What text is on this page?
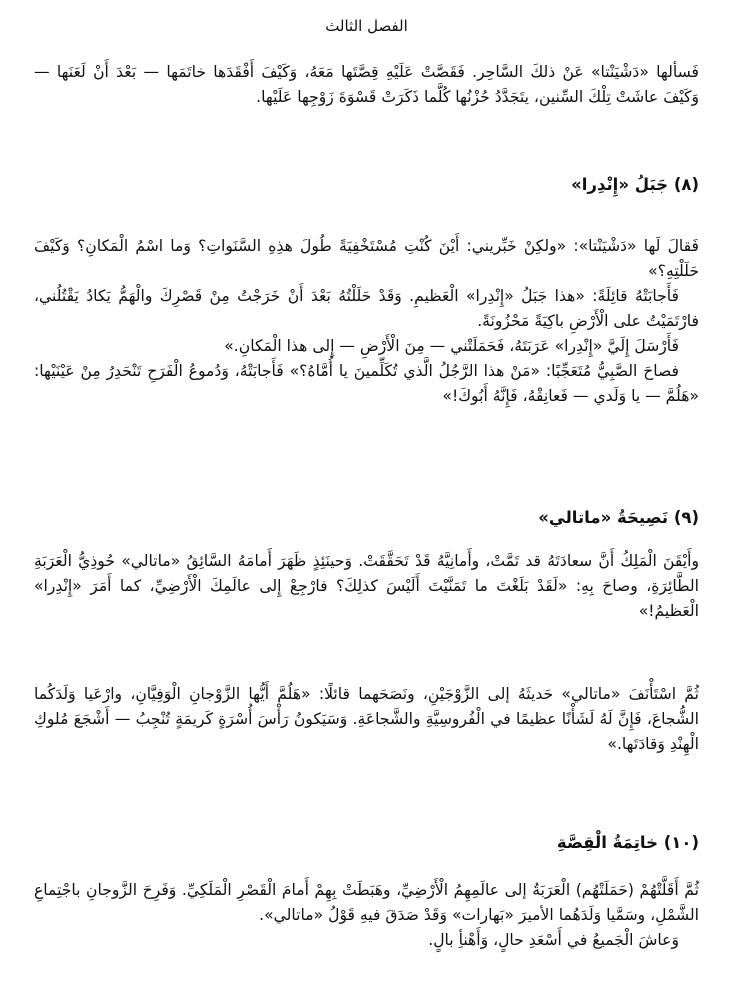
الفصل الثالث

فَسألها «دَشْيَنْتا» عَنْ ذلكَ السَّاحِر. فَقَصَّتْ عَلَيْهِ قِصَّتَها مَعَهُ، وَكَيْفَ أَفْقَدَها خاتَمَها — بَعْدَ أَنْ لَعَنَها — وَكَيْفَ عاشَتْ تِلْكَ السِّنين، يتَجَدَّدُ حُزْنُها كُلَّما ذَكَرَتْ قَسْوَةَ زَوْجِها عَلَيْها.

(٨) جَبَلُ «إِنْدِرا»

فَقالَ لَها «دَشْيَنْتا»: «ولكِنْ خَبِّريني: أَيْنَ كُنْتِ مُسْتَخْفِيَةً طُولَ هذِهِ السَّنَواتِ؟ وَما اسْمُ الْمَكانِ؟ وَكَيْفَ حَلَلْتِهِ؟»

فَأَجابَتْهُ قائِلَةً: «هذا جَبَلُ «إِنْدِرا» الْعَظيمِ. وَقَدْ حَلَلْتُهُ بَعْدَ أَنْ خَرَجْتُ مِنْ قَصْرِكَ والْهَمُّ يَكادُ يَقْتُلُني، فارْتَمَيْتُ على الْأَرْضِ باكِيَةً مَحْزُونَةً.

فَأَرْسَلَ إِلَيَّ «إِنْدِرا» عَرَبَتَهُ، فَحَمَلَتْني — مِنَ الْأَرْضِ — إِلى هذا الْمَكانِ.»

فصاحَ الصَّبِيُّ مُتَعَجِّبًا: «مَنْ هذا الرَّجُلُ الَّذي تُكَلِّمينَ يا أُمَّاهُ؟» فَأَجابَتْهُ، وَدُموعُ الْفَرَحِ تَنْحَدِرُ مِنْ عَيْنَيْها: «هَلُمَّ — يا وَلَدي — فَعانِقْهُ، فَإِنَّهُ أَبُوكَ!»

(٩) نَصِيحَةُ «ماتالي»

وأَيْقَنَ الْمَلِكُ أَنَّ سعادَتَهُ قد تَمَّتْ، وأَمانِيَّهُ قَدْ تَحَقَّقَتْ. وَحينَئِذٍ ظَهَرَ أَمامَهُ السَّائِقُ «ماتالي» حُوذِيُّ الْعَرَبَةِ الطَّائِرَةِ، وصاحَ بِهِ: «لَقَدْ بَلَغْتَ ما تَمَنَّيْتَ أَلَيْسَ كذلِكَ؟ فارْجِعْ إِلى عالَمِكَ الْأَرْضِيِّ، كما أَمَرَ «إِنْدِرا» الْعَظيمُ!»

ثُمَّ اسْتَأْنَفَ «ماتالي» حَديثَهُ إلى الزَّوْجَيْنِ، ونَصَحَهما قائلًا: «هَلُمَّ أَيُّها الزَّوْجانِ الْوَفِيَّانِ، وارْعَيا وَلَدَكُما الشُّجاعَ، فَإِنَّ لَهُ لَشَأْنًا عظيمًا في الْفُروسِيَّةِ والشَّجاعَةِ. وَسَيَكونُ رَأْسَ أُسْرَةٍ كَريمَةٍ تُنْجِبُ — أَشْجَعَ مُلوكِ الْهِنْدِ وَقادَتَها.»

(١٠) خاتِمَةُ الْقِصَّةِ

ثُمَّ أَقَلَّتْهُمْ (حَمَلَتْهُم) الْعَرَبَةُ إلى عالَمِهِمُ الْأَرْضِيِّ، وهَبَطَتْ بِهِمْ أَمامَ الْقَصْرِ الْمَلَكِيِّ. وَفَرِحَ الزَّوجانِ باجْتِماعِ الشَّمْلِ، وسَمَّيا وَلَدَهُما الأميرَ «بَهارات» وَقَدْ صَدَقَ فيهِ قَوْلُ «ماتالي».

وَعاشَ الْجَميعُ في أَسْعَدِ حالٍ، وَأَهْنأِ بالٍ.
